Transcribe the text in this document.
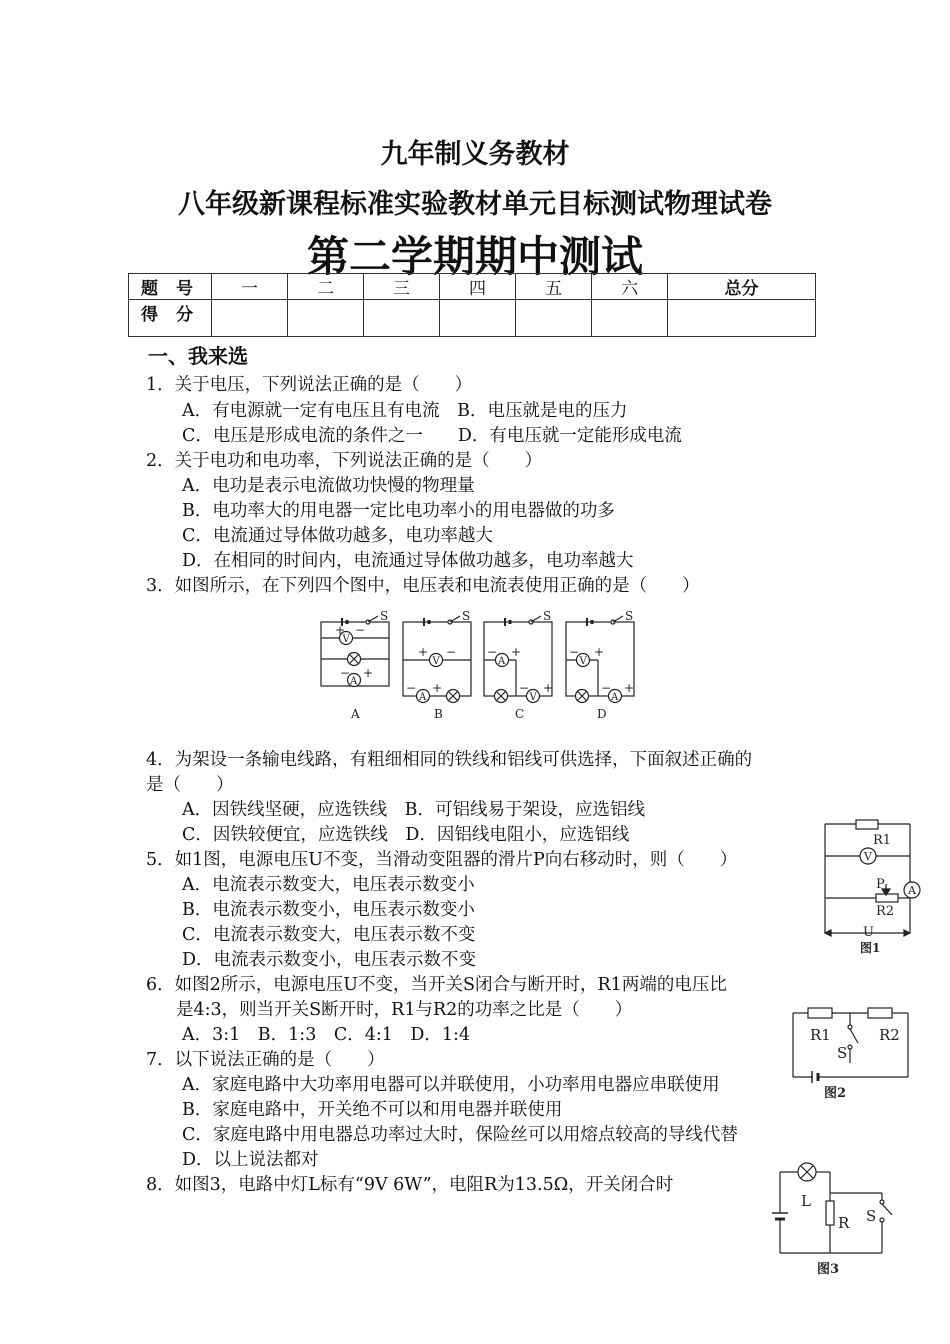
九年制义务教材
八年级新课程标准实验教材单元目标测试物理试卷
第二学期期中测试
题 号	一	二	三	四	五	六	总分
得 分							
一、我来选
1．关于电压，下列说法正确的是（　　）
A．有电源就一定有电压且有电流　B．电压就是电的压力
C．电压是形成电流的条件之一　　D．有电压就一定能形成电流
2．关于电功和电功率，下列说法正确的是（　　）
A．电功是表示电流做功快慢的物理量
B．电功率大的用电器一定比电功率小的用电器做的功多
C．电流通过导体做功越多，电功率越大
D．在相同的时间内，电流通过导体做功越多，电功率越大
3．如图所示，在下列四个图中，电压表和电流表使用正确的是（　　）
4．为架设一条输电线路，有粗细相同的铁线和铝线可供选择，下面叙述正确的
是（　　）
A．因铁线坚硬，应选铁线　B．可铝线易于架设，应选铝线
C．因铁较便宜，应选铁线　D．因铝线电阻小，应选铝线
5．如1图，电源电压U不变，当滑动变阻器的滑片P向右移动时，则（　　）
A．电流表示数变大，电压表示数变小
B．电流表示数变小，电压表示数变小
C．电流表示数变大，电压表示数不变
D．电流表示数变小，电压表示数不变
6．如图2所示，电源电压U不变，当开关S闭合与断开时，R1两端的电压比
是4:3，则当开关S断开时，R1与R2的功率之比是（　　）
A．3:1　B．1:3　C．4:1　D．1:4
7．以下说法正确的是（　　）
A．家庭电路中大功率用电器可以并联使用，小功率用电器应串联使用
B．家庭电路中，开关绝不可以和用电器并联使用
C．家庭电路中用电器总功率过大时，保险丝可以用熔点较高的导线代替
D．以上说法都对
8．如图3，电路中灯L标有“9V 6W”，电阻R为13.5Ω，开关闭合时
S
V
A
+ −
− +
A
S
V
+ −
A
− +
B
S
A
− +
V
− +
C
S
V
− +
A
− +
D
R1
V
P
R2
A
U
图1
R1	R2
S
图2
L
R S
图3
